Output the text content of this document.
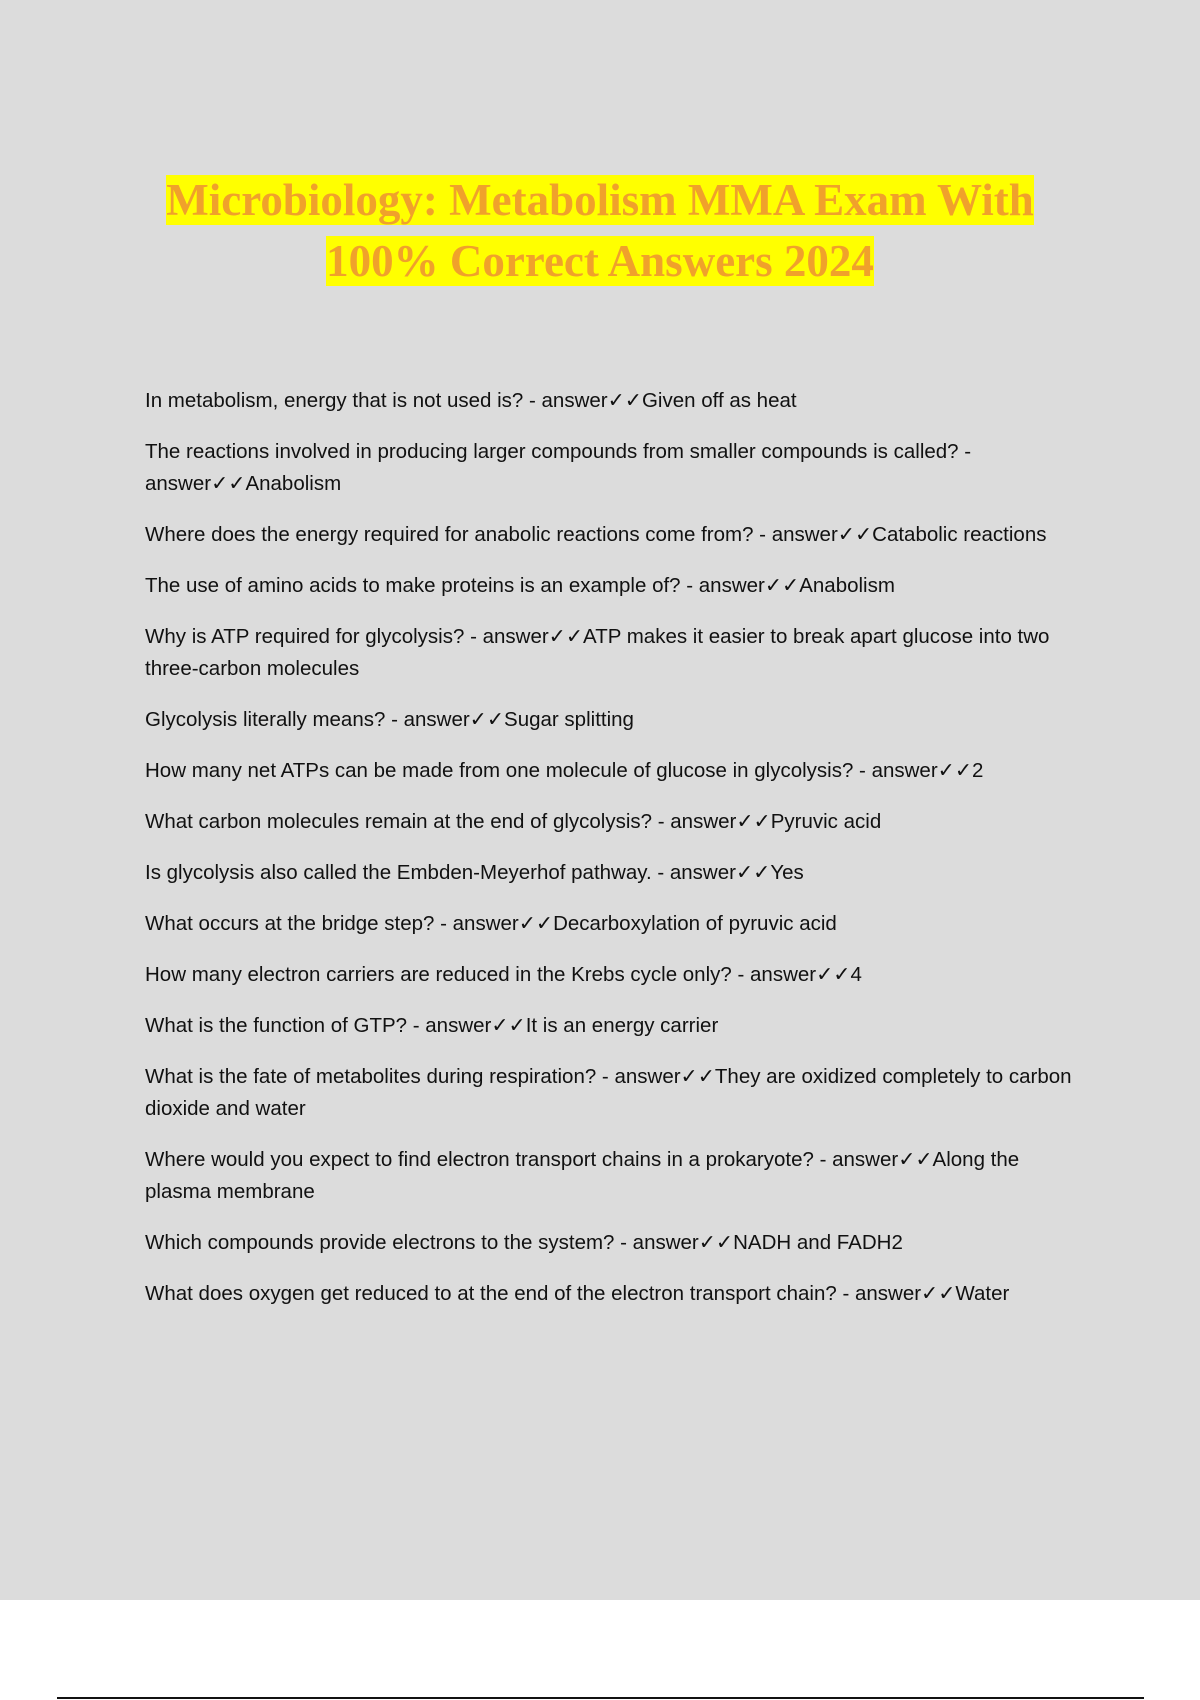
Microbiology: Metabolism MMA Exam With 100% Correct Answers 2024
In metabolism, energy that is not used is? - answer✓✓Given off as heat
The reactions involved in producing larger compounds from smaller compounds is called? - answer✓✓Anabolism
Where does the energy required for anabolic reactions come from? - answer✓✓Catabolic reactions
The use of amino acids to make proteins is an example of? - answer✓✓Anabolism
Why is ATP required for glycolysis? - answer✓✓ATP makes it easier to break apart glucose into two three-carbon molecules
Glycolysis literally means? - answer✓✓Sugar splitting
How many net ATPs can be made from one molecule of glucose in glycolysis? - answer✓✓2
What carbon molecules remain at the end of glycolysis? - answer✓✓Pyruvic acid
Is glycolysis also called the Embden-Meyerhof pathway. - answer✓✓Yes
What occurs at the bridge step? - answer✓✓Decarboxylation of pyruvic acid
How many electron carriers are reduced in the Krebs cycle only? - answer✓✓4
What is the function of GTP? - answer✓✓It is an energy carrier
What is the fate of metabolites during respiration? - answer✓✓They are oxidized completely to carbon dioxide and water
Where would you expect to find electron transport chains in a prokaryote? - answer✓✓Along the plasma membrane
Which compounds provide electrons to the system? - answer✓✓NADH and FADH2
What does oxygen get reduced to at the end of the electron transport chain? - answer✓✓Water
